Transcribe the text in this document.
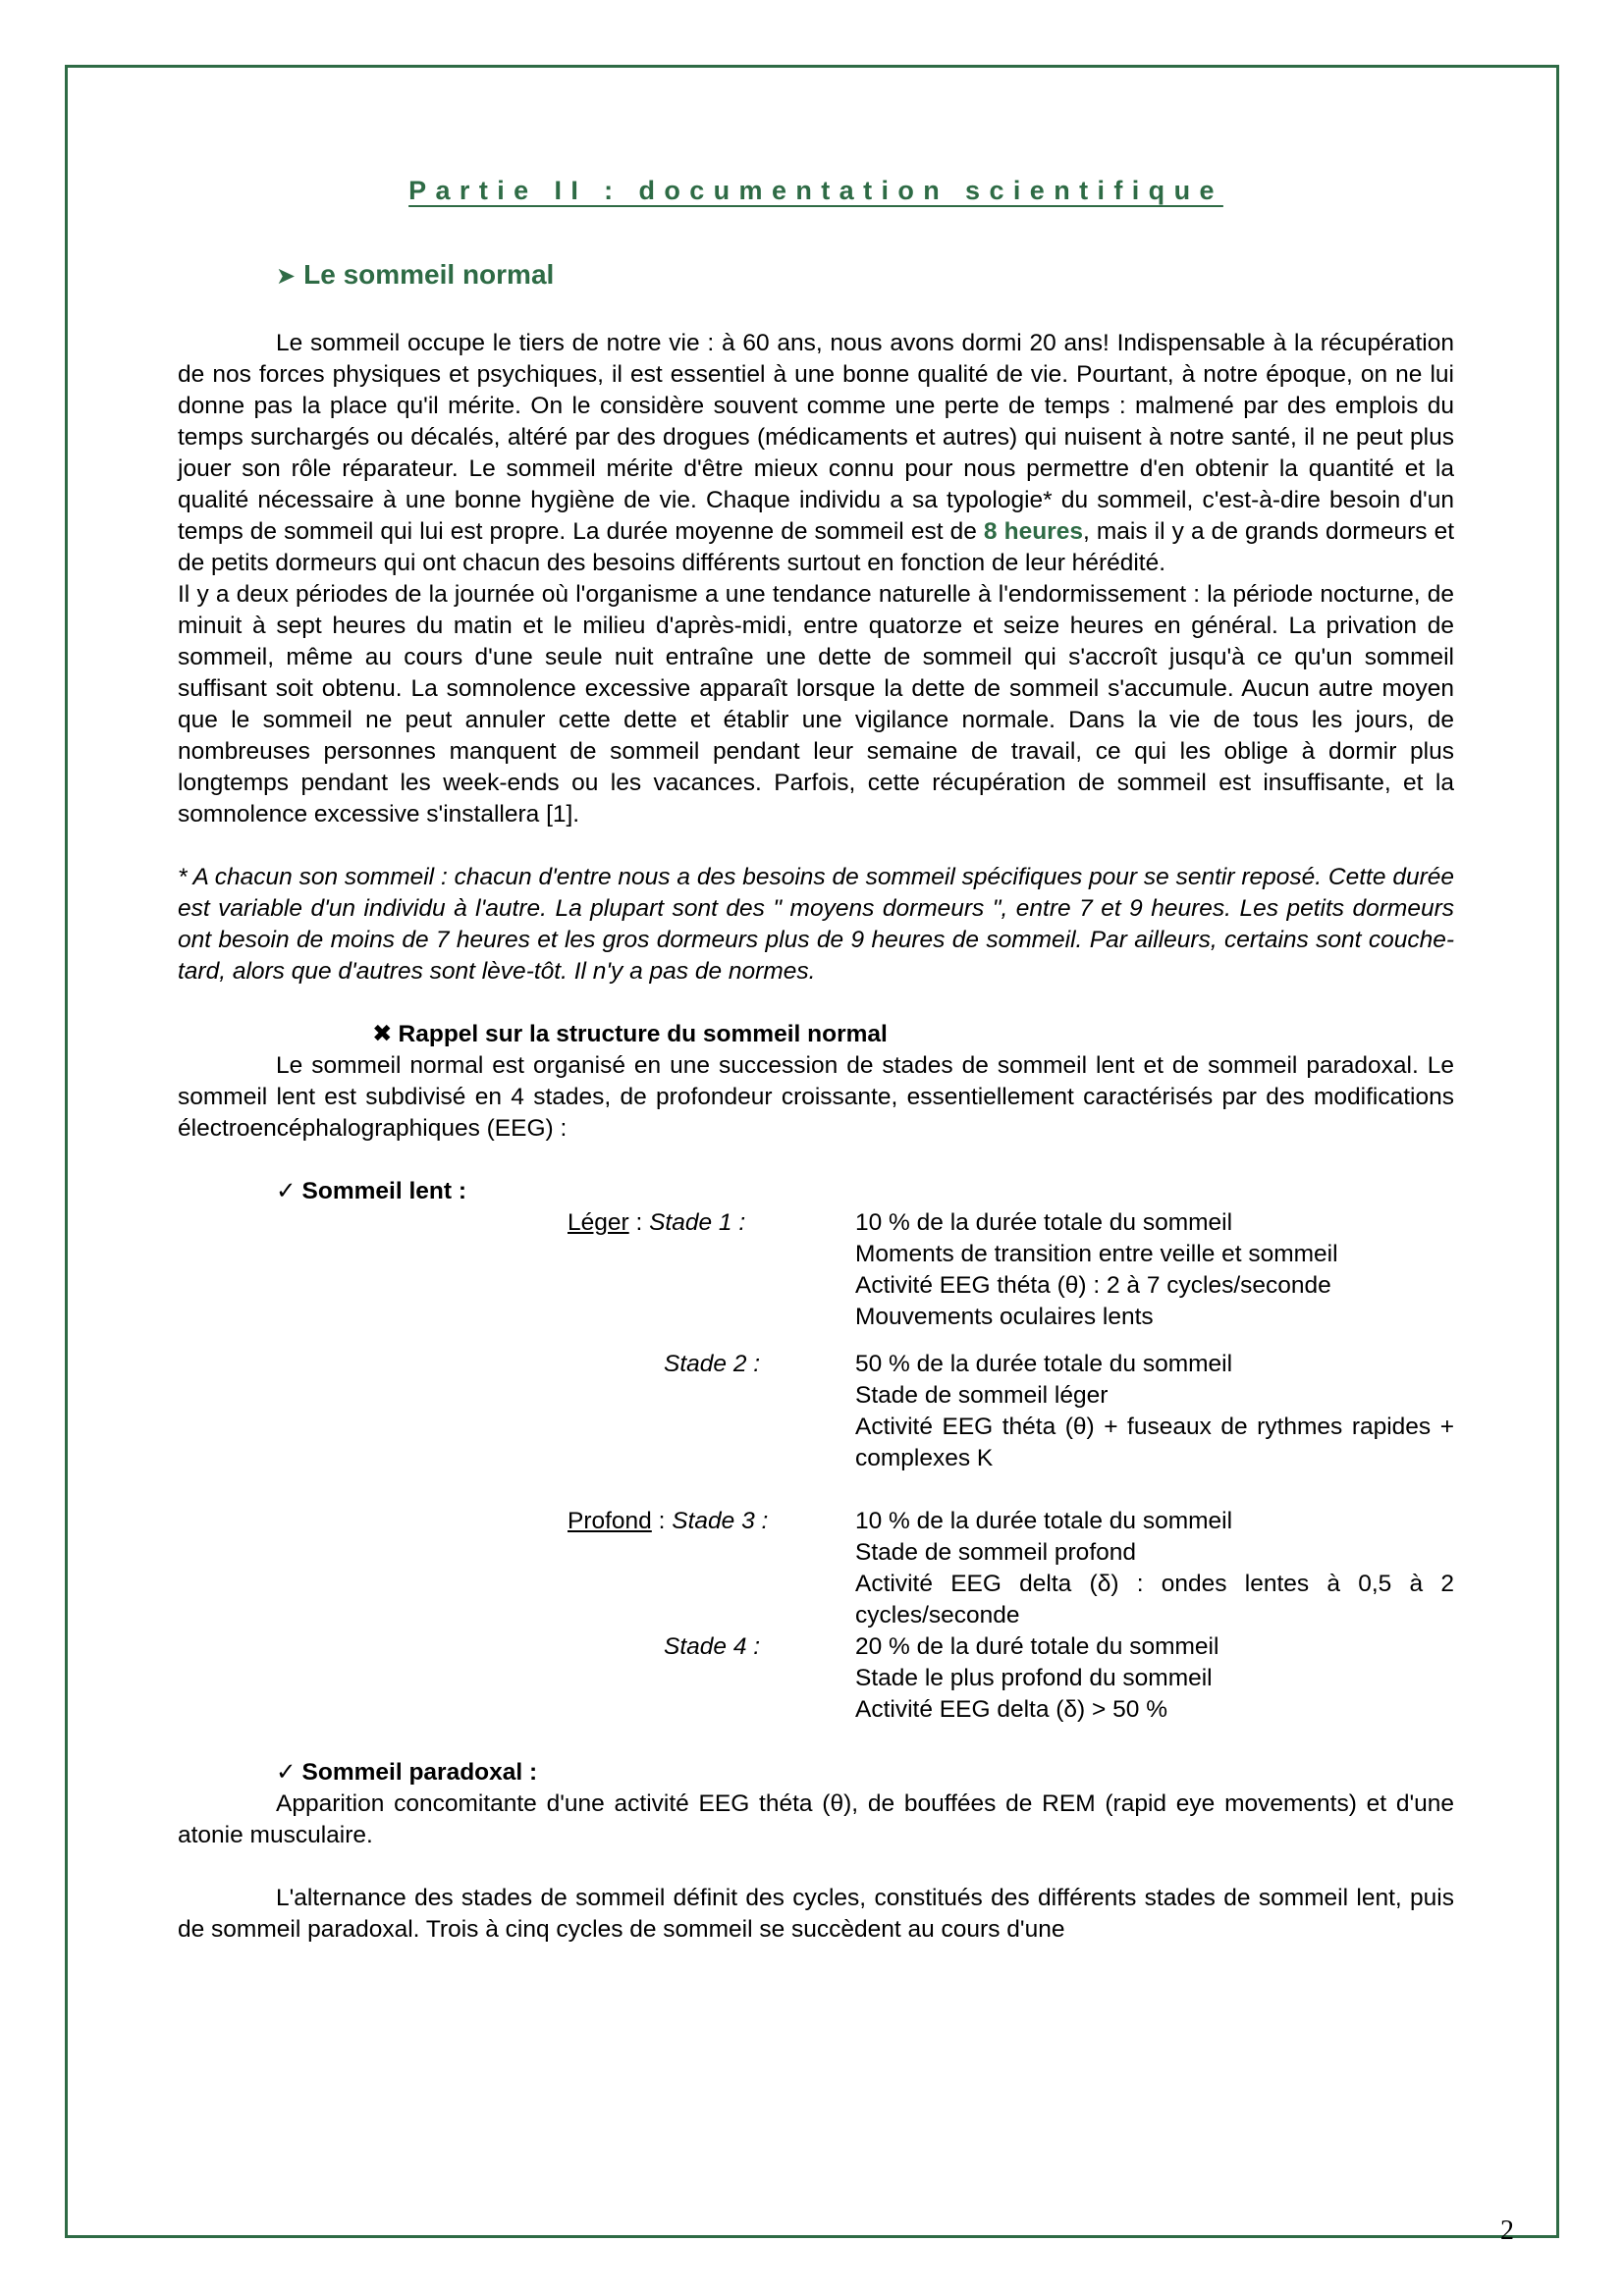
Partie II : documentation scientifique

➤ Le sommeil normal

Le sommeil occupe le tiers de notre vie : à 60 ans, nous avons dormi 20 ans! Indispensable à la récupération de nos forces physiques et psychiques, il est essentiel à une bonne qualité de vie. Pourtant, à notre époque, on ne lui donne pas la place qu'il mérite. On le considère souvent comme une perte de temps : malmené par des emplois du temps surchargés ou décalés, altéré par des drogues (médicaments et autres) qui nuisent à notre santé, il ne peut plus jouer son rôle réparateur. Le sommeil mérite d'être mieux connu pour nous permettre d'en obtenir la quantité et la qualité nécessaire à une bonne hygiène de vie. Chaque individu a sa typologie* du sommeil, c'est-à-dire besoin d'un temps de sommeil qui lui est propre. La durée moyenne de sommeil est de 8 heures, mais il y a de grands dormeurs et de petits dormeurs qui ont chacun des besoins différents surtout en fonction de leur hérédité.

Il y a deux périodes de la journée où l'organisme a une tendance naturelle à l'endormissement : la période nocturne, de minuit à sept heures du matin et le milieu d'après-midi, entre quatorze et seize heures en général. La privation de sommeil, même au cours d'une seule nuit entraîne une dette de sommeil qui s'accroît jusqu'à ce qu'un sommeil suffisant soit obtenu. La somnolence excessive apparaît lorsque la dette de sommeil s'accumule. Aucun autre moyen que le sommeil ne peut annuler cette dette et établir une vigilance normale. Dans la vie de tous les jours, de nombreuses personnes manquent de sommeil pendant leur semaine de travail, ce qui les oblige à dormir plus longtemps pendant les week-ends ou les vacances. Parfois, cette récupération de sommeil est insuffisante, et la somnolence excessive s'installera [1].

* A chacun son sommeil : chacun d'entre nous a des besoins de sommeil spécifiques pour se sentir reposé. Cette durée est variable d'un individu à l'autre. La plupart sont des " moyens dormeurs ", entre 7 et 9 heures. Les petits dormeurs ont besoin de moins de 7 heures et les gros dormeurs plus de 9 heures de sommeil. Par ailleurs, certains sont couche-tard, alors que d'autres sont lève-tôt. Il n'y a pas de normes.

✖ Rappel sur la structure du sommeil normal

Le sommeil normal est organisé en une succession de stades de sommeil lent et de sommeil paradoxal. Le sommeil lent est subdivisé en 4 stades, de profondeur croissante, essentiellement caractérisés par des modifications électroencéphalographiques (EEG) :

✓ Sommeil lent :
Léger : Stade 1 :	10 % de la durée totale du sommeil
Moments de transition entre veille et sommeil
Activité EEG théta (θ) : 2 à 7 cycles/seconde
Mouvements oculaires lents
Stade 2 :	50 % de la durée totale du sommeil
Stade de sommeil léger
Activité EEG théta (θ) + fuseaux de rythmes rapides + complexes K
Profond : Stade 3 :	10 % de la durée totale du sommeil
Stade de sommeil profond
Activité EEG delta (δ) : ondes lentes à 0,5 à 2 cycles/seconde
Stade 4 :	20 % de la duré totale du sommeil
Stade le plus profond du sommeil
Activité EEG delta (δ) > 50 %
✓ Sommeil paradoxal :

Apparition concomitante d'une activité EEG théta (θ), de bouffées de REM (rapid eye movements) et d'une atonie musculaire.

L'alternance des stades de sommeil définit des cycles, constitués des différents stades de sommeil lent, puis de sommeil paradoxal. Trois à cinq cycles de sommeil se succèdent au cours d'une

2
